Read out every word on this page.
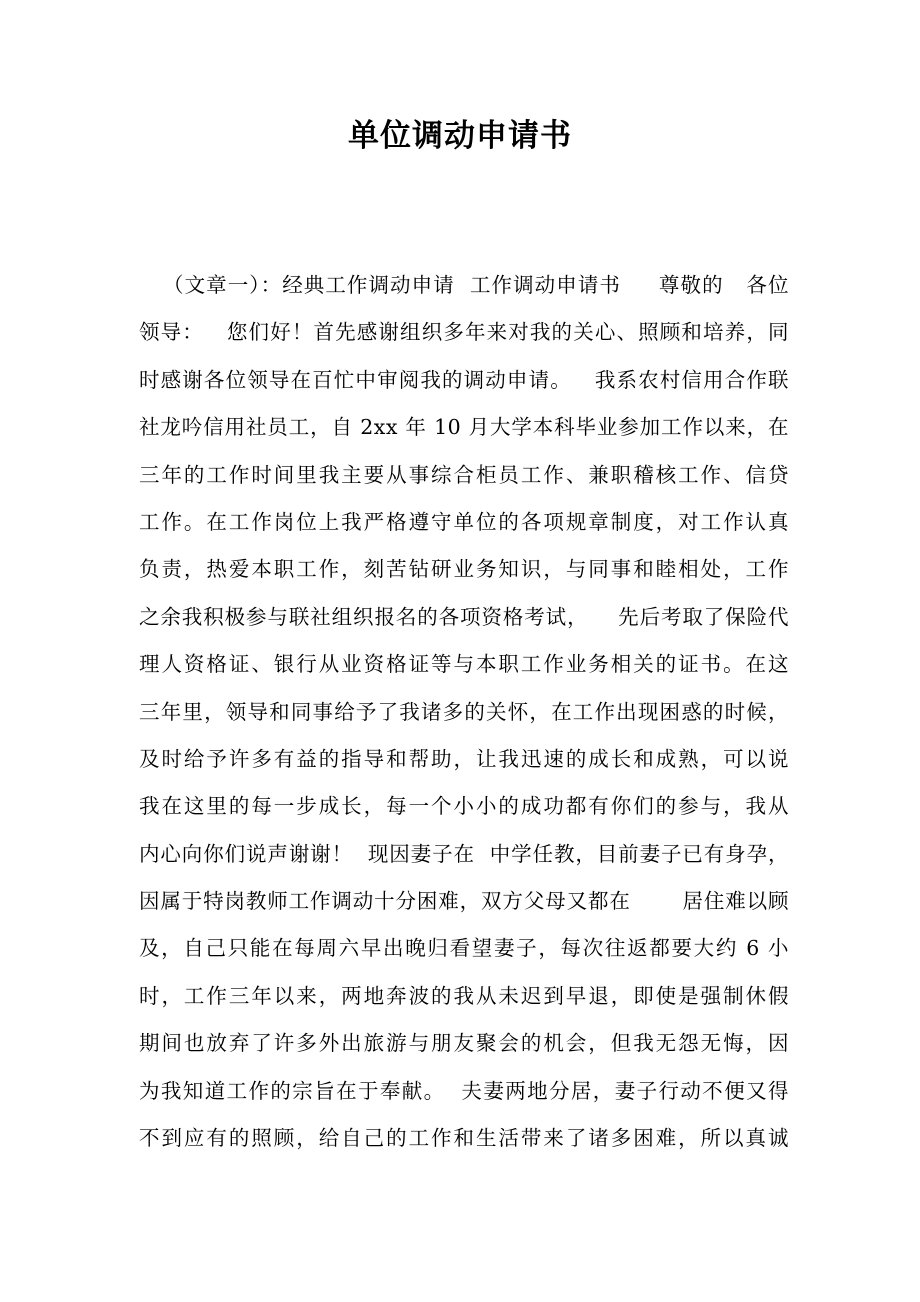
单位调动申请书
（文章一）：经典工作调动申请  工作调动申请书     尊敬的   各位
领导：   您们好！首先感谢组织多年来对我的关心、照顾和培养，同
时感谢各位领导在百忙中审阅我的调动申请。   我系农村信用合作联
社龙吟信用社员工，自 2xx 年 10 月大学本科毕业参加工作以来，在
三年的工作时间里我主要从事综合柜员工作、兼职稽核工作、信贷
工作。在工作岗位上我严格遵守单位的各项规章制度，对工作认真
负责，热爱本职工作，刻苦钻研业务知识，与同事和睦相处，工作
之余我积极参与联社组织报名的各项资格考试，    先后考取了保险代
理人资格证、银行从业资格证等与本职工作业务相关的证书。在这
三年里，领导和同事给予了我诸多的关怀，在工作出现困惑的时候，
及时给予许多有益的指导和帮助，让我迅速的成长和成熟，可以说
我在这里的每一步成长，每一个小小的成功都有你们的参与，我从
内心向你们说声谢谢！  现因妻子在  中学任教，目前妻子已有身孕，
因属于特岗教师工作调动十分困难，双方父母又都在       居住难以顾
及，自己只能在每周六早出晚归看望妻子，每次往返都要大约 6 小
时，工作三年以来，两地奔波的我从未迟到早退，即使是强制休假
期间也放弃了许多外出旅游与朋友聚会的机会，但我无怨无悔，因
为我知道工作的宗旨在于奉献。  夫妻两地分居，妻子行动不便又得
不到应有的照顾，给自己的工作和生活带来了诸多困难，所以真诚
